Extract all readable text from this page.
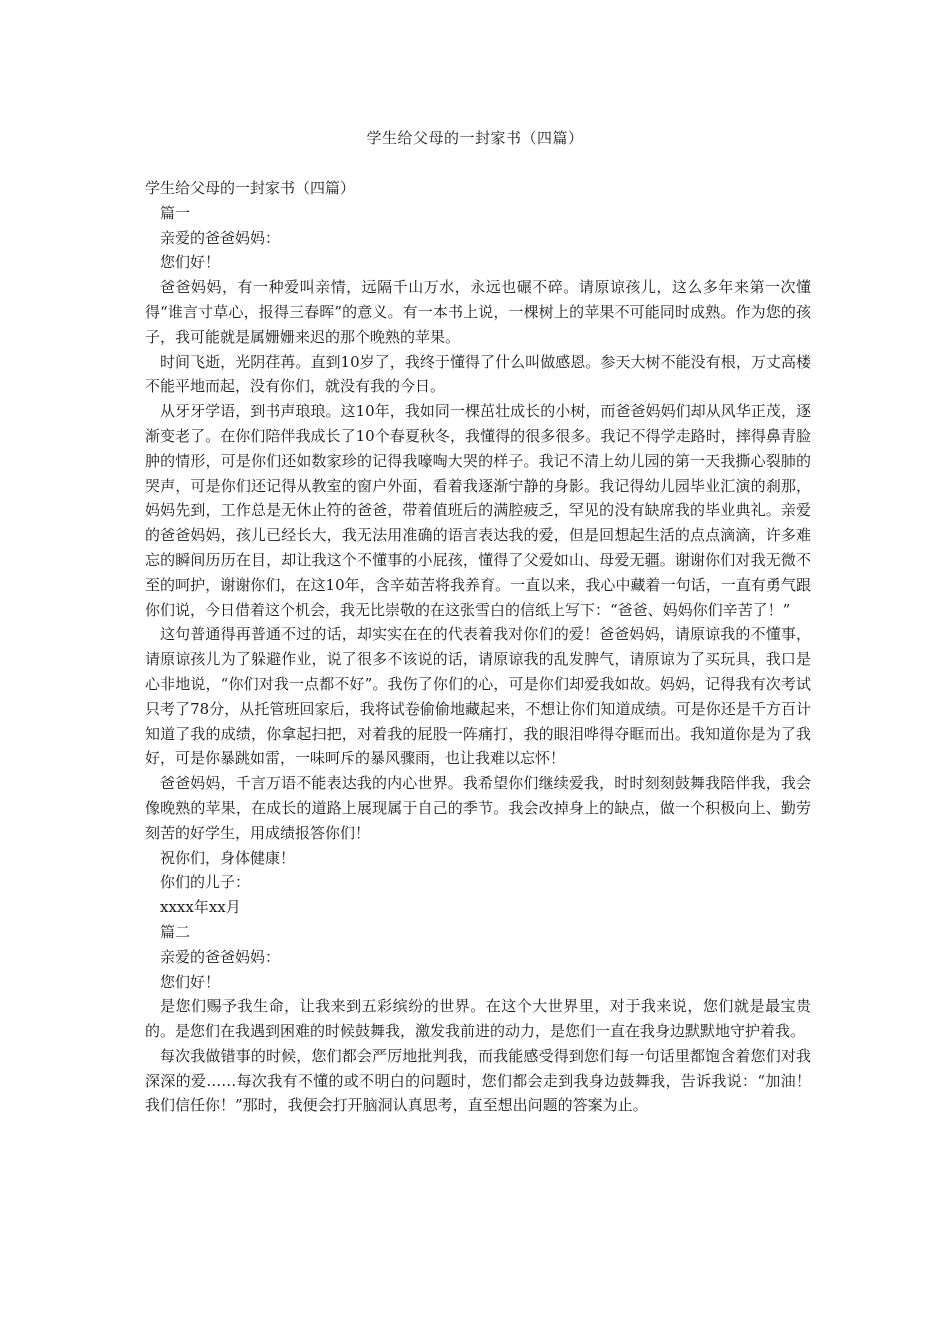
学生给父母的一封家书（四篇）

学生给父母的一封家书（四篇）

篇一

亲爱的爸爸妈妈：

您们好！

爸爸妈妈，有一种爱叫亲情，远隔千山万水，永远也碾不碎。请原谅孩儿，这么多年来第一次懂得“谁言寸草心，报得三春晖”的意义。有一本书上说，一棵树上的苹果不可能同时成熟。作为您的孩子，我可能就是属姗姗来迟的那个晚熟的苹果。

时间飞逝，光阴荏苒。直到10岁了，我终于懂得了什么叫做感恩。参天大树不能没有根，万丈高楼不能平地而起，没有你们，就没有我的今日。

从牙牙学语，到书声琅琅。这10年，我如同一棵茁壮成长的小树，而爸爸妈妈们却从风华正茂，逐渐变老了。在你们陪伴我成长了10个春夏秋冬，我懂得的很多很多。我记不得学走路时，摔得鼻青脸肿的情形，可是你们还如数家珍的记得我嚎啕大哭的样子。我记不清上幼儿园的第一天我撕心裂肺的哭声，可是你们还记得从教室的窗户外面，看着我逐渐宁静的身影。我记得幼儿园毕业汇演的刹那，妈妈先到，工作总是无休止符的爸爸，带着值班后的满腔疲乏，罕见的没有缺席我的毕业典礼。亲爱的爸爸妈妈，孩儿已经长大，我无法用准确的语言表达我的爱，但是回想起生活的点点滴滴，许多难忘的瞬间历历在目，却让我这个不懂事的小屁孩，懂得了父爱如山、母爱无疆。谢谢你们对我无微不至的呵护，谢谢你们，在这10年，含辛茹苦将我养育。一直以来，我心中藏着一句话，一直有勇气跟你们说，今日借着这个机会，我无比崇敬的在这张雪白的信纸上写下：“爸爸、妈妈你们辛苦了！”

这句普通得再普通不过的话，却实实在在的代表着我对你们的爱！爸爸妈妈，请原谅我的不懂事，请原谅孩儿为了躲避作业，说了很多不该说的话，请原谅我的乱发脾气，请原谅为了买玩具，我口是心非地说，“你们对我一点都不好”。我伤了你们的心，可是你们却爱我如故。妈妈，记得我有次考试只考了78分，从托管班回家后，我将试卷偷偷地藏起来，不想让你们知道成绩。可是你还是千方百计知道了我的成绩，你拿起扫把，对着我的屁股一阵痛打，我的眼泪哗得夺眶而出。我知道你是为了我好，可是你暴跳如雷，一味呵斥的暴风骤雨，也让我难以忘怀！

爸爸妈妈，千言万语不能表达我的内心世界。我希望你们继续爱我，时时刻刻鼓舞我陪伴我，我会像晚熟的苹果，在成长的道路上展现属于自己的季节。我会改掉身上的缺点，做一个积极向上、勤劳刻苦的好学生，用成绩报答你们！

祝你们，身体健康！

你们的儿子：

xxxx年xx月

篇二

亲爱的爸爸妈妈：

您们好！

是您们赐予我生命，让我来到五彩缤纷的世界。在这个大世界里，对于我来说，您们就是最宝贵的。是您们在我遇到困难的时候鼓舞我，激发我前进的动力，是您们一直在我身边默默地守护着我。

每次我做错事的时候，您们都会严厉地批判我，而我能感受得到您们每一句话里都饱含着您们对我深深的爱……每次我有不懂的或不明白的问题时，您们都会走到我身边鼓舞我，告诉我说：“加油！我们信任你！”那时，我便会打开脑洞认真思考，直至想出问题的答案为止。
